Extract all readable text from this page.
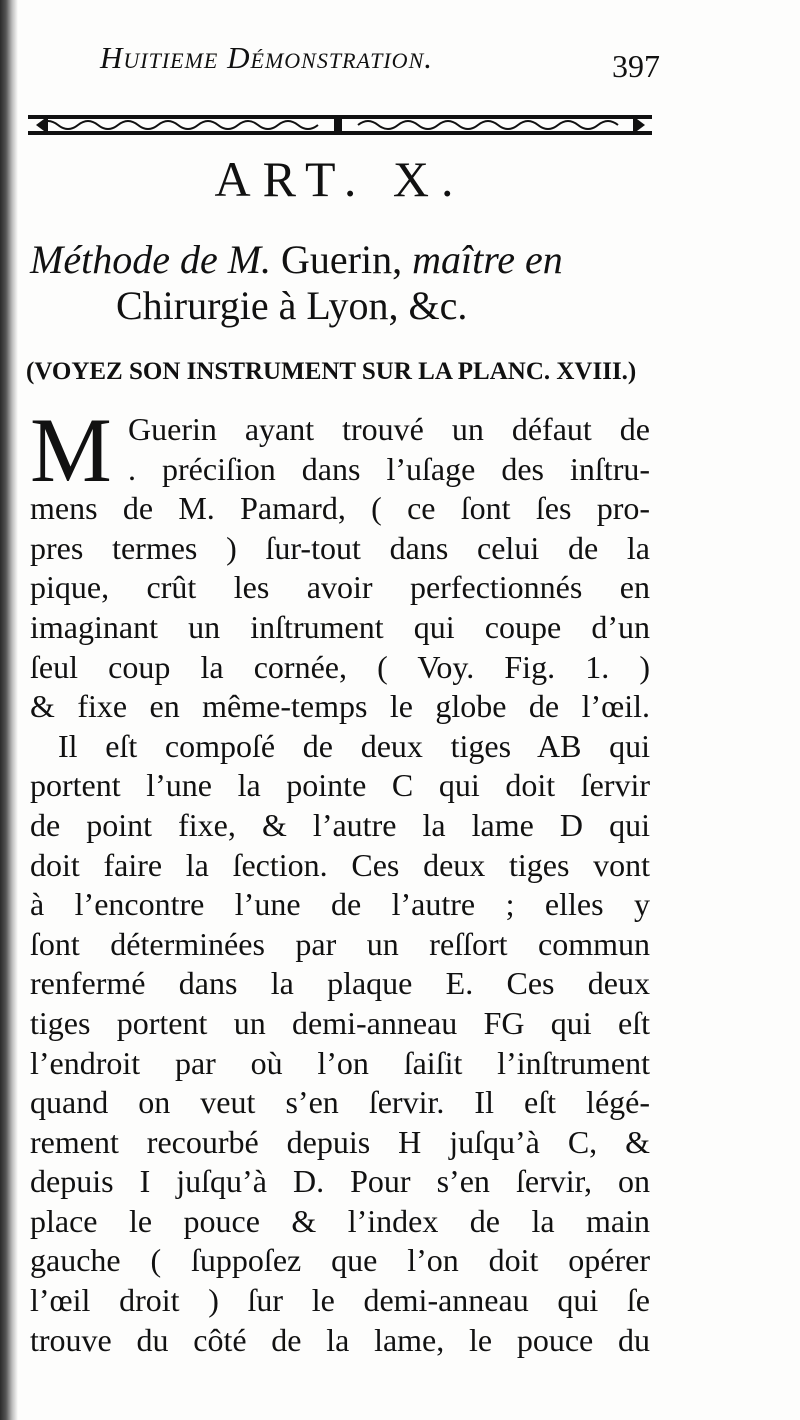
Huitieme Démonstration.	397
ART. X.
Méthode de M. Guerin, maître en
Chirurgie à Lyon, &c.
(VOYEZ SON INSTRUMENT SUR LA PLANC. XVIII.)
M Guerin ayant trouvé un défaut de
. préciſion dans l’uſage des inſtru-
mens de M. Pamard, ( ce ſont ſes pro-
pres termes ) ſur-tout dans celui de la
pique, crût les avoir perfectionnés en
imaginant un inſtrument qui coupe d’un
ſeul coup la cornée, ( Voy. Fig. 1. )
& fixe en même-temps le globe de l’œil.
Il eſt compoſé de deux tiges AB qui
portent l’une la pointe C qui doit ſervir
de point fixe, & l’autre la lame D qui
doit faire la ſection. Ces deux tiges vont
à l’encontre l’une de l’autre ; elles y
ſont déterminées par un reſſort commun
renfermé dans la plaque E. Ces deux
tiges portent un demi-anneau FG qui eſt
l’endroit par où l’on ſaiſit l’inſtrument
quand on veut s’en ſervir. Il eſt légé-
rement recourbé depuis H juſqu’à C, &
depuis I juſqu’à D. Pour s’en ſervir, on
place le pouce & l’index de la main
gauche ( ſuppoſez que l’on doit opérer
l’œil droit ) ſur le demi-anneau qui ſe
trouve du côté de la lame, le pouce du
